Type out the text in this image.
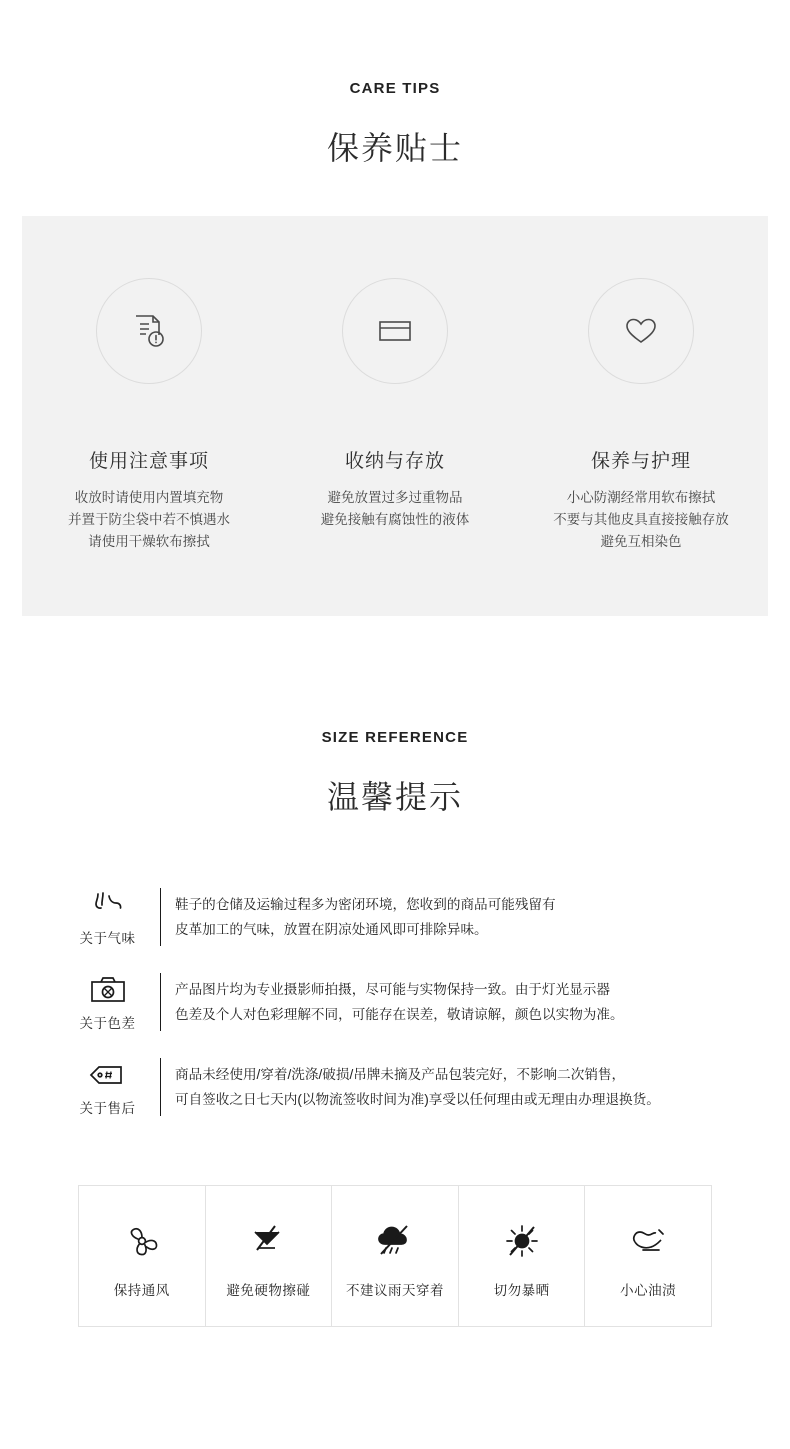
CARE TIPS
保养贴士
使用注意事项

收放时请使用内置填充物
并置于防尘袋中若不慎遇水
请使用干燥软布擦拭

收纳与存放

避免放置过多过重物品
避免接触有腐蚀性的液体

保养与护理

小心防潮经常用软布擦拭
不要与其他皮具直接接触存放
避免互相染色

SIZE REFERENCE
温馨提示
关于气味
鞋子的仓储及运输过程多为密闭环境，您收到的商品可能残留有
皮革加工的气味，放置在阴凉处通风即可排除异味。
关于色差
产品图片均为专业摄影师拍摄，尽可能与实物保持一致。由于灯光显示器
色差及个人对色彩理解不同，可能存在误差，敬请谅解，颜色以实物为准。
关于售后
商品未经使用/穿着/洗涤/破损/吊牌未摘及产品包装完好，不影响二次销售，
可自签收之日七天内(以物流签收时间为准)享受以任何理由或无理由办理退换货。
保持通风	避免硬物擦碰	不建议雨天穿着	切勿暴晒	小心油渍
